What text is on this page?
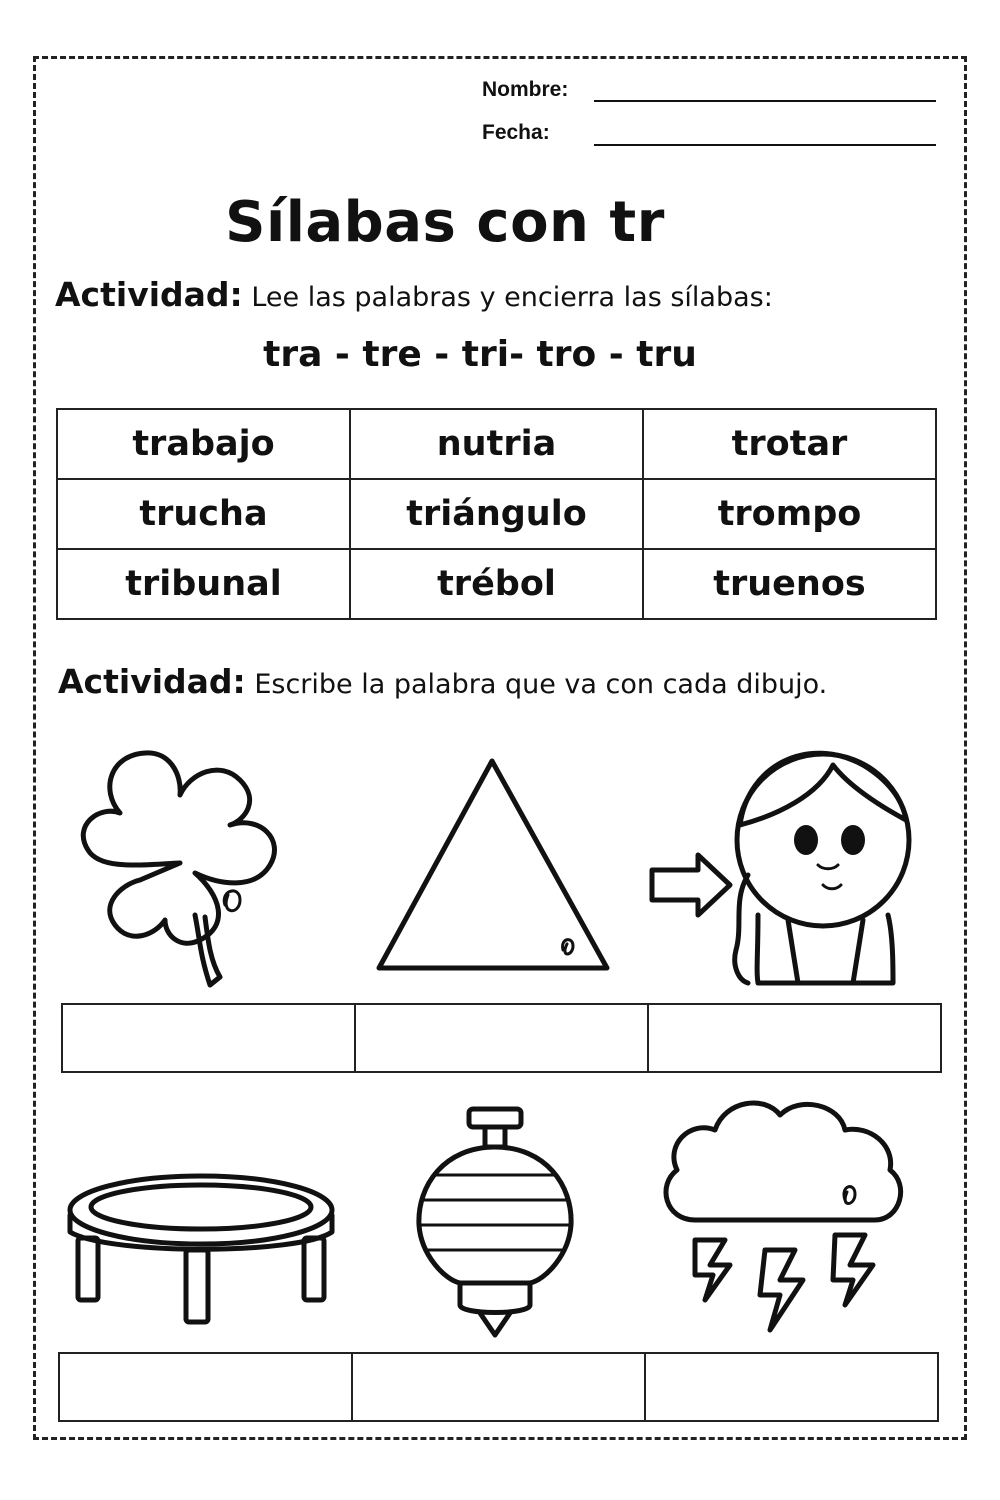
Nombre:
Fecha:
Sílabas con tr
Actividad: Lee las palabras y encierra las sílabas:
tra - tre - tri- tro - tru
trabajo	nutria	trotar
trucha	triángulo	trompo
tribunal	trébol	truenos
Actividad: Escribe la palabra que va con cada dibujo.
